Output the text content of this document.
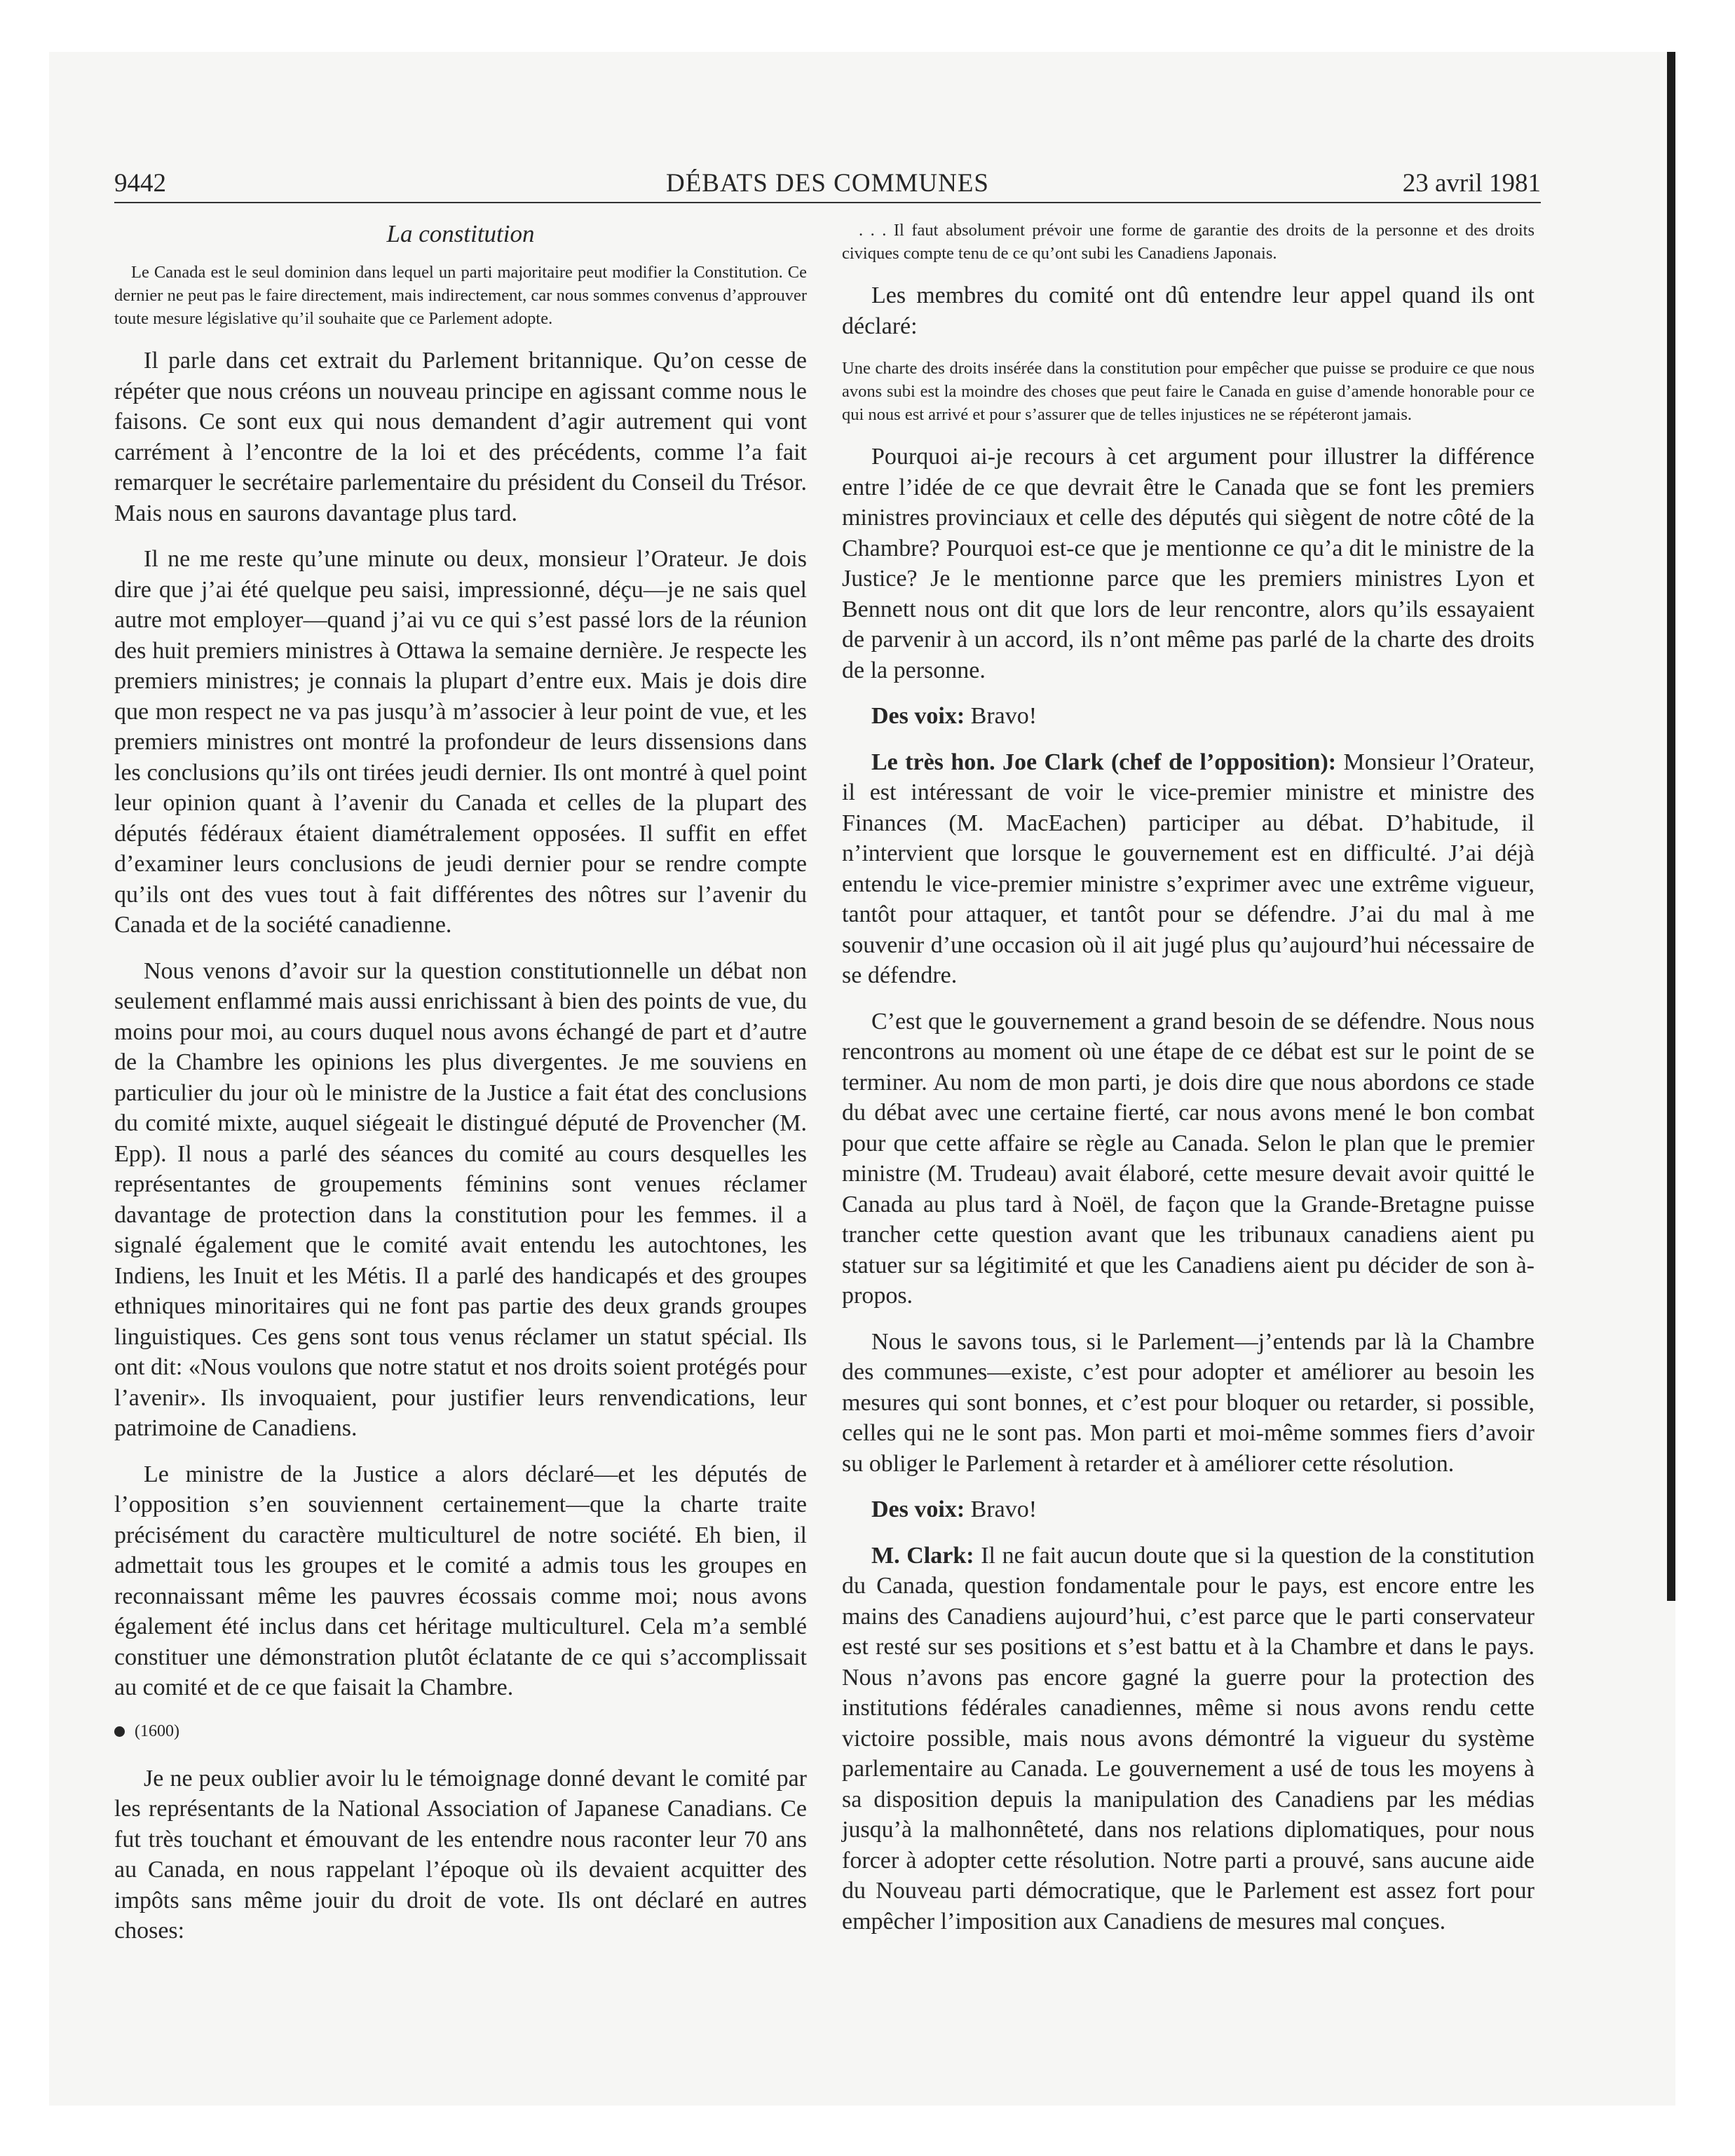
9442	DÉBATS DES COMMUNES	23 avril 1981
La constitution
Le Canada est le seul dominion dans lequel un parti majoritaire peut modifier la Constitution. Ce dernier ne peut pas le faire directement, mais indirectement, car nous sommes convenus d’approuver toute mesure législative qu’il souhaite que ce Parlement adopte.

Il parle dans cet extrait du Parlement britannique. Qu’on cesse de répéter que nous créons un nouveau principe en agissant comme nous le faisons. Ce sont eux qui nous demandent d’agir autrement qui vont carrément à l’encontre de la loi et des précédents, comme l’a fait remarquer le secrétaire parlementaire du président du Conseil du Trésor. Mais nous en saurons davantage plus tard.

Il ne me reste qu’une minute ou deux, monsieur l’Orateur. Je dois dire que j’ai été quelque peu saisi, impressionné, déçu—je ne sais quel autre mot employer—quand j’ai vu ce qui s’est passé lors de la réunion des huit premiers ministres à Ottawa la semaine dernière. Je respecte les premiers ministres; je connais la plupart d’entre eux. Mais je dois dire que mon respect ne va pas jusqu’à m’associer à leur point de vue, et les premiers ministres ont montré la profondeur de leurs dissensions dans les conclusions qu’ils ont tirées jeudi dernier. Ils ont montré à quel point leur opinion quant à l’avenir du Canada et celles de la plupart des députés fédéraux étaient diamétralement opposées. Il suffit en effet d’examiner leurs conclusions de jeudi dernier pour se rendre compte qu’ils ont des vues tout à fait différentes des nôtres sur l’avenir du Canada et de la société canadienne.

Nous venons d’avoir sur la question constitutionnelle un débat non seulement enflammé mais aussi enrichissant à bien des points de vue, du moins pour moi, au cours duquel nous avons échangé de part et d’autre de la Chambre les opinions les plus divergentes. Je me souviens en particulier du jour où le ministre de la Justice a fait état des conclusions du comité mixte, auquel siégeait le distingué député de Provencher (M. Epp). Il nous a parlé des séances du comité au cours desquelles les représentantes de groupements féminins sont venues réclamer davantage de protection dans la constitution pour les femmes. il a signalé également que le comité avait entendu les autochtones, les Indiens, les Inuit et les Métis. Il a parlé des handicapés et des groupes ethniques minoritaires qui ne font pas partie des deux grands groupes linguistiques. Ces gens sont tous venus réclamer un statut spécial. Ils ont dit: «Nous voulons que notre statut et nos droits soient protégés pour l’avenir». Ils invoquaient, pour justifier leurs renvendications, leur patrimoine de Canadiens.

Le ministre de la Justice a alors déclaré—et les députés de l’opposition s’en souviennent certainement—que la charte traite précisément du caractère multiculturel de notre société. Eh bien, il admettait tous les groupes et le comité a admis tous les groupes en reconnaissant même les pauvres écossais comme moi; nous avons également été inclus dans cet héritage multiculturel. Cela m’a semblé constituer une démonstration plutôt éclatante de ce qui s’accomplissait au comité et de ce que faisait la Chambre.

(1600)

Je ne peux oublier avoir lu le témoignage donné devant le comité par les représentants de la National Association of Japanese Canadians. Ce fut très touchant et émouvant de les entendre nous raconter leur 70 ans au Canada, en nous rappelant l’époque où ils devaient acquitter des impôts sans même jouir du droit de vote. Ils ont déclaré en autres choses:

. . . Il faut absolument prévoir une forme de garantie des droits de la personne et des droits civiques compte tenu de ce qu’ont subi les Canadiens Japonais.

Les membres du comité ont dû entendre leur appel quand ils ont déclaré:

Une charte des droits insérée dans la constitution pour empêcher que puisse se produire ce que nous avons subi est la moindre des choses que peut faire le Canada en guise d’amende honorable pour ce qui nous est arrivé et pour s’assurer que de telles injustices ne se répéteront jamais.

Pourquoi ai-je recours à cet argument pour illustrer la différence entre l’idée de ce que devrait être le Canada que se font les premiers ministres provinciaux et celle des députés qui siègent de notre côté de la Chambre? Pourquoi est-ce que je mentionne ce qu’a dit le ministre de la Justice? Je le mentionne parce que les premiers ministres Lyon et Bennett nous ont dit que lors de leur rencontre, alors qu’ils essayaient de parvenir à un accord, ils n’ont même pas parlé de la charte des droits de la personne.

Des voix: Bravo!

Le très hon. Joe Clark (chef de l’opposition): Monsieur l’Orateur, il est intéressant de voir le vice-premier ministre et ministre des Finances (M. MacEachen) participer au débat. D’habitude, il n’intervient que lorsque le gouvernement est en difficulté. J’ai déjà entendu le vice-premier ministre s’exprimer avec une extrême vigueur, tantôt pour attaquer, et tantôt pour se défendre. J’ai du mal à me souvenir d’une occasion où il ait jugé plus qu’aujourd’hui nécessaire de se défendre.

C’est que le gouvernement a grand besoin de se défendre. Nous nous rencontrons au moment où une étape de ce débat est sur le point de se terminer. Au nom de mon parti, je dois dire que nous abordons ce stade du débat avec une certaine fierté, car nous avons mené le bon combat pour que cette affaire se règle au Canada. Selon le plan que le premier ministre (M. Trudeau) avait élaboré, cette mesure devait avoir quitté le Canada au plus tard à Noël, de façon que la Grande-Bretagne puisse trancher cette question avant que les tribunaux canadiens aient pu statuer sur sa légitimité et que les Canadiens aient pu décider de son à-propos.

Nous le savons tous, si le Parlement—j’entends par là la Chambre des communes—existe, c’est pour adopter et améliorer au besoin les mesures qui sont bonnes, et c’est pour bloquer ou retarder, si possible, celles qui ne le sont pas. Mon parti et moi-même sommes fiers d’avoir su obliger le Parlement à retarder et à améliorer cette résolution.

Des voix: Bravo!

M. Clark: Il ne fait aucun doute que si la question de la constitution du Canada, question fondamentale pour le pays, est encore entre les mains des Canadiens aujourd’hui, c’est parce que le parti conservateur est resté sur ses positions et s’est battu et à la Chambre et dans le pays. Nous n’avons pas encore gagné la guerre pour la protection des institutions fédérales canadiennes, même si nous avons rendu cette victoire possible, mais nous avons démontré la vigueur du système parlementaire au Canada. Le gouvernement a usé de tous les moyens à sa disposition depuis la manipulation des Canadiens par les médias jusqu’à la malhonnêteté, dans nos relations diplomatiques, pour nous forcer à adopter cette résolution. Notre parti a prouvé, sans aucune aide du Nouveau parti démocratique, que le Parlement est assez fort pour empêcher l’imposition aux Canadiens de mesures mal conçues.
